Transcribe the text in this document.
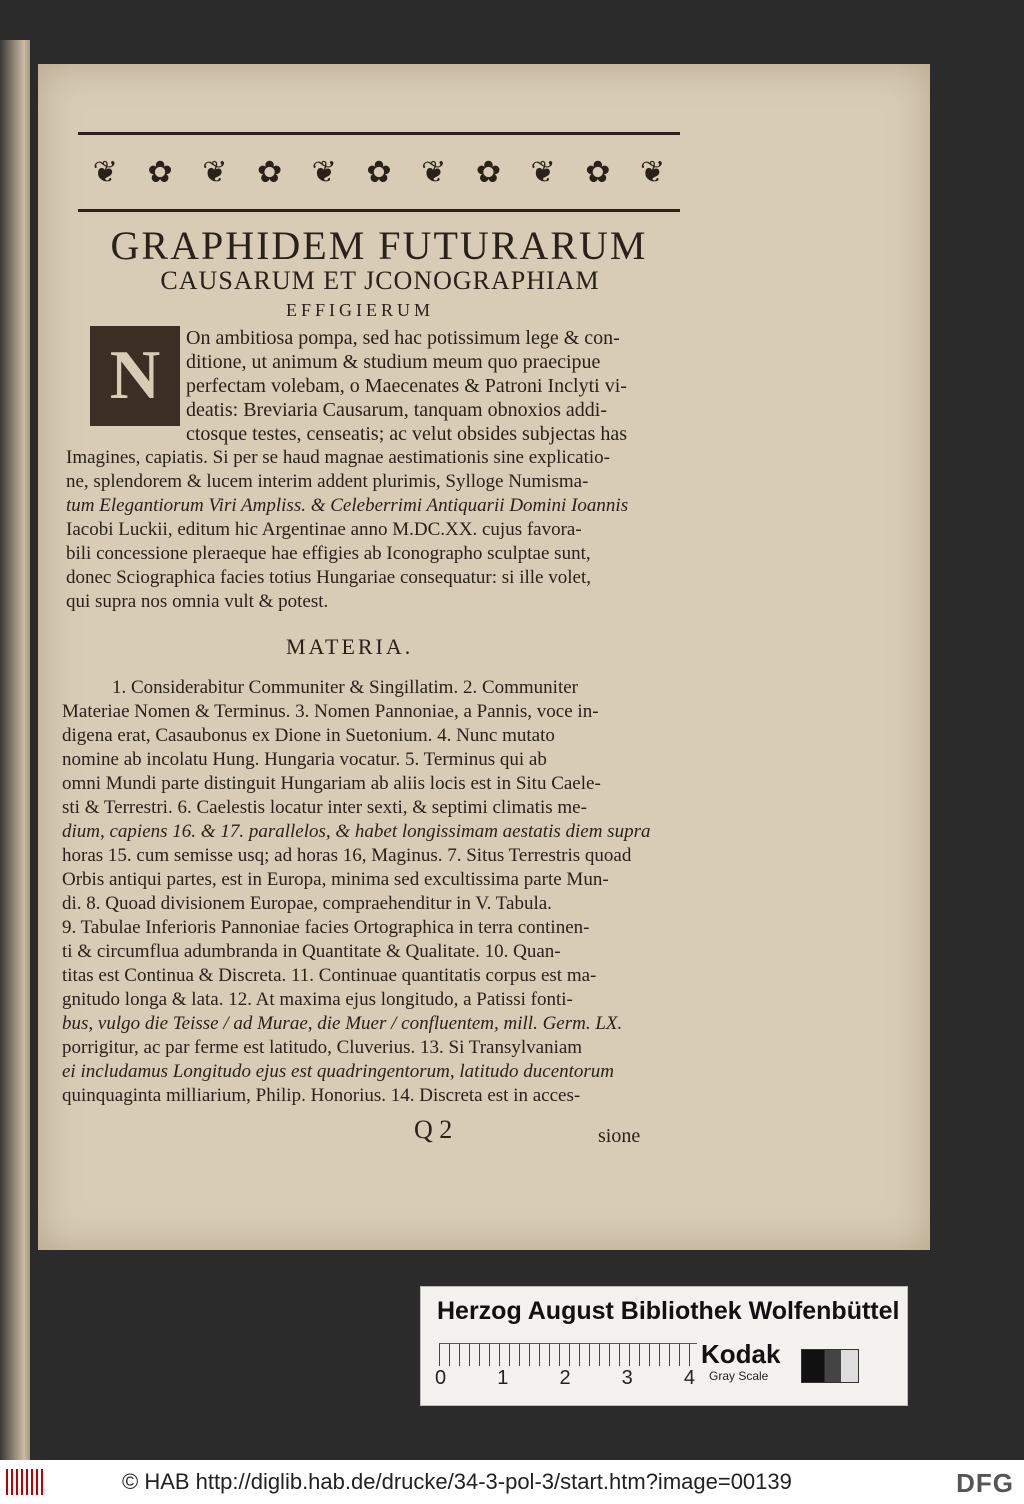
❦ ✿ ❦ ✿ ❦ ✿ ❦ ✿ ❦ ✿ ❦
GRAPHIDEM FUTURARUM
CAUSARUM ET JCONOGRAPHIAM
EFFIGIERUM
N	On ambitiosa pompa, sed hac potissimum lege & con-
ditione, ut animum & studium meum quo praecipue
perfectam volebam, o Maecenates & Patroni Inclyti vi-
deatis: Breviaria Causarum, tanquam obnoxios addi-
ctosque testes, censeatis; ac velut obsides subjectas has
Imagines, capiatis. Si per se haud magnae aestimationis sine explicatio-
ne, splendorem & lucem interim addent plurimis, Sylloge Numisma-
tum Elegantiorum Viri Ampliss. & Celeberrimi Antiquarii Domini Ioannis
Iacobi Luckii, editum hic Argentinae anno M.DC.XX. cujus favora-
bili concessione pleraeque hae effigies ab Iconographo sculptae sunt,
donec Sciographica facies totius Hungariae consequatur: si ille volet,
qui supra nos omnia vult & potest.
MATERIA.
1. Considerabitur Communiter & Singillatim. 2. Communiter
Materiae Nomen & Terminus. 3. Nomen Pannoniae, a Pannis, voce in-
digena erat, Casaubonus ex Dione in Suetonium. 4. Nunc mutato
nomine ab incolatu Hung. Hungaria vocatur. 5. Terminus qui ab
omni Mundi parte distinguit Hungariam ab aliis locis est in Situ Caele-
sti & Terrestri. 6. Caelestis locatur inter sexti, & septimi climatis me-
dium, capiens 16. & 17. parallelos, & habet longissimam aestatis diem supra
horas 15. cum semisse usq; ad horas 16, Maginus. 7. Situs Terrestris quoad
Orbis antiqui partes, est in Europa, minima sed excultissima parte Mun-
di. 8. Quoad divisionem Europae, compraehenditur in V. Tabula.
9. Tabulae Inferioris Pannoniae facies Ortographica in terra continen-
ti & circumflua adumbranda in Quantitate & Qualitate. 10. Quan-
titas est Continua & Discreta. 11. Continuae quantitatis corpus est ma-
gnitudo longa & lata. 12. At maxima ejus longitudo, a Patissi fonti-
bus, vulgo die Teisse / ad Murae, die Muer / confluentem, mill. Germ. LX.
porrigitur, ac par ferme est latitudo, Cluverius. 13. Si Transylvaniam
ei includamus Longitudo ejus est quadringentorum, latitudo ducentorum
quinquaginta milliarium, Philip. Honorius. 14. Discreta est in acces-
Q 2	sione
Herzog August Bibliothek Wolfenbüttel
0	1	2	3	4
Kodak
Gray Scale
© HAB http://diglib.hab.de/drucke/34-3-pol-3/start.htm?image=00139	DFG
